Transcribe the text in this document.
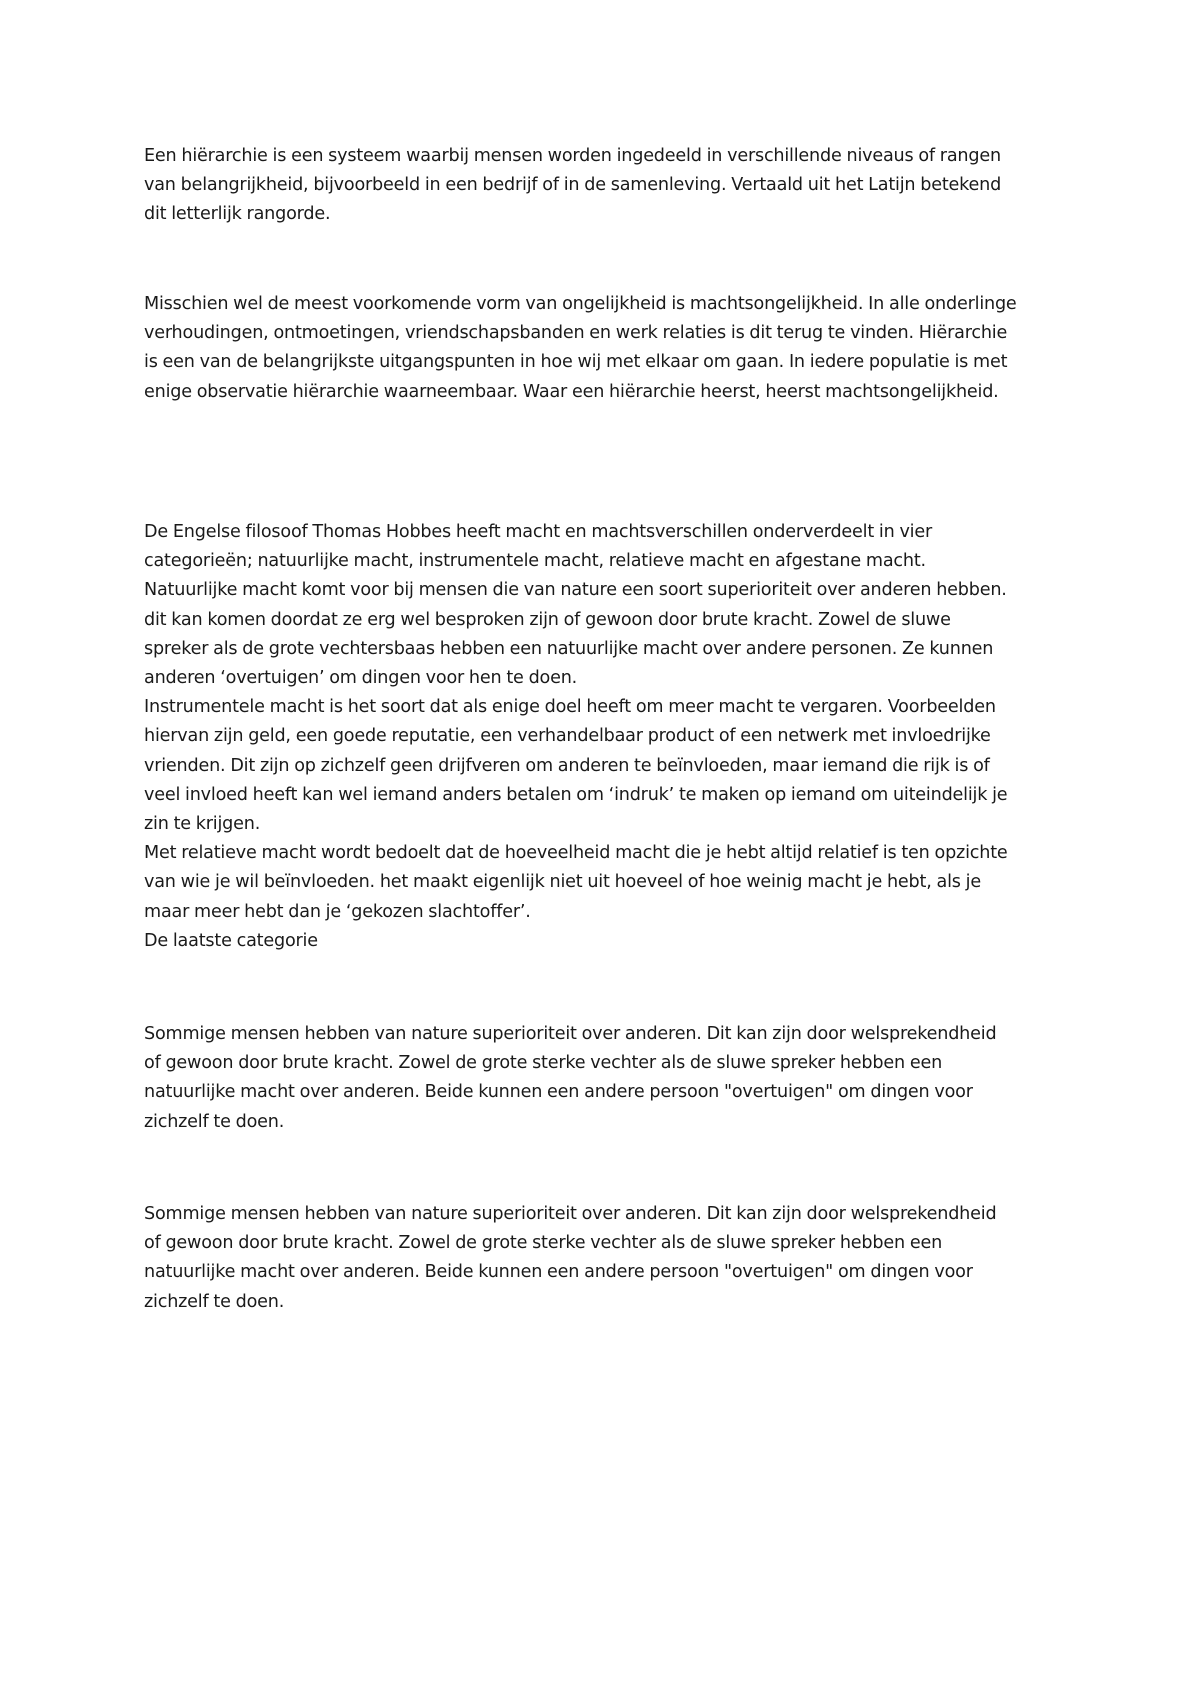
Een hiërarchie is een systeem waarbij mensen worden ingedeeld in verschillende niveaus of rangen
van belangrijkheid, bijvoorbeeld in een bedrijf of in de samenleving. Vertaald uit het Latijn betekend
dit letterlijk rangorde.

Misschien wel de meest voorkomende vorm van ongelijkheid is machtsongelijkheid. In alle onderlinge
verhoudingen, ontmoetingen, vriendschapsbanden en werk relaties is dit terug te vinden. Hiërarchie
is een van de belangrijkste uitgangspunten in hoe wij met elkaar om gaan. In iedere populatie is met
enige observatie hiërarchie waarneembaar. Waar een hiërarchie heerst, heerst machtsongelijkheid.

De Engelse filosoof Thomas Hobbes heeft macht en machtsverschillen onderverdeelt in vier
categorieën; natuurlijke macht, instrumentele macht, relatieve macht en afgestane macht.
Natuurlijke macht komt voor bij mensen die van nature een soort superioriteit over anderen hebben.
dit kan komen doordat ze erg wel besproken zijn of gewoon door brute kracht. Zowel de sluwe
spreker als de grote vechtersbaas hebben een natuurlijke macht over andere personen. Ze kunnen
anderen ‘overtuigen’ om dingen voor hen te doen.
Instrumentele macht is het soort dat als enige doel heeft om meer macht te vergaren. Voorbeelden
hiervan zijn geld, een goede reputatie, een verhandelbaar product of een netwerk met invloedrijke
vrienden. Dit zijn op zichzelf geen drijfveren om anderen te beïnvloeden, maar iemand die rijk is of
veel invloed heeft kan wel iemand anders betalen om ‘indruk’ te maken op iemand om uiteindelijk je
zin te krijgen.
Met relatieve macht wordt bedoelt dat de hoeveelheid macht die je hebt altijd relatief is ten opzichte
van wie je wil beïnvloeden. het maakt eigenlijk niet uit hoeveel of hoe weinig macht je hebt, als je
maar meer hebt dan je ‘gekozen slachtoffer’.
De laatste categorie

Sommige mensen hebben van nature superioriteit over anderen. Dit kan zijn door welsprekendheid
of gewoon door brute kracht. Zowel de grote sterke vechter als de sluwe spreker hebben een
natuurlijke macht over anderen. Beide kunnen een andere persoon "overtuigen" om dingen voor
zichzelf te doen.

Sommige mensen hebben van nature superioriteit over anderen. Dit kan zijn door welsprekendheid
of gewoon door brute kracht. Zowel de grote sterke vechter als de sluwe spreker hebben een
natuurlijke macht over anderen. Beide kunnen een andere persoon "overtuigen" om dingen voor
zichzelf te doen.
